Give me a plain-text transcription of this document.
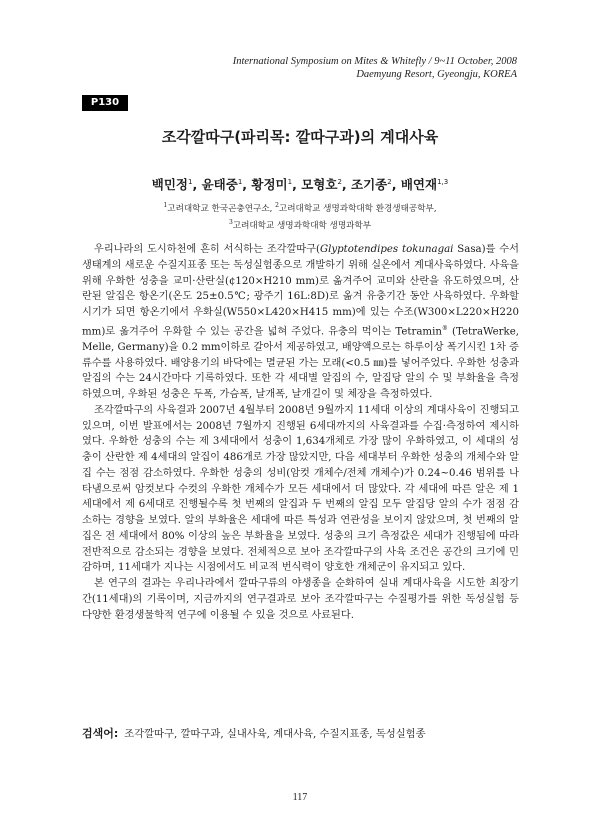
International Symposium on Mites & Whitefly / 9~11 October, 2008
Daemyung Resort, Gyeongju, KOREA
P130
조각깔따구(파리목: 깔따구과)의 계대사육
백민정$^1$, 윤태중$^1$, 황정미$^1$, 모형호$^2$, 조기종$^2$, 배연재$^{1,3}$
$^1$고려대학교 한국곤충연구소, $^2$고려대학교 생명과학대학 환경생태공학부,
$^3$고려대학교 생명과학대학 생명과학부

우리나라의 도시하천에 흔히 서식하는 조각깔따구(Glyptotendipes tokunagai Sasa)를 수서생태계의 새로운 수질지표종 또는 독성실험종으로 개발하기 위해 실온에서 계대사육하였다. 사육을 위해 우화한 성충을 교미·산란실(¢120×H210 mm)로 옮겨주어 교미와 산란을 유도하였으며, 산란된 알집은 항온기(온도 25±0.5℃; 광주기 16L:8D)로 옮겨 유충기간 동안 사육하였다. 우화할 시기가 되면 항온기에서 우화실(W550×L420×H415 mm)에 있는 수조(W300×L220×H220 mm)로 옮겨주어 우화할 수 있는 공간을 넓혀 주었다. 유충의 먹이는 Tetramin® (TetraWerke, Melle, Germany)을 0.2 mm이하로 갈아서 제공하였고, 배양액으로는 하루이상 폭기시킨 1차 증류수를 사용하였다. 배양용기의 바닥에는 멸균된 가는 모래(<0.5 ㎜)를 넣어주었다. 우화한 성충과 알집의 수는 24시간마다 기록하였다. 또한 각 세대별 알집의 수, 알집당 알의 수 및 부화율을 측정하였으며, 우화된 성충은 두폭, 가슴폭, 날개폭, 날개길이 및 체장을 측정하였다.

조각깔따구의 사육결과 2007년 4월부터 2008년 9월까지 11세대 이상의 계대사육이 진행되고 있으며, 이번 발표에서는 2008년 7월까지 진행된 6세대까지의 사육결과를 수집·측정하여 제시하였다. 우화한 성충의 수는 제 3세대에서 성충이 1,634개체로 가장 많이 우화하였고, 이 세대의 성충이 산란한 제 4세대의 알집이 486개로 가장 많았지만, 다음 세대부터 우화한 성충의 개체수와 알집 수는 점점 감소하였다. 우화한 성충의 성비(암컷 개체수/전체 개체수)가 0.24~0.46 범위를 나타냄으로써 암컷보다 수컷의 우화한 개체수가 모든 세대에서 더 많았다. 각 세대에 따른 알은 제 1세대에서 제 6세대로 진행될수록 첫 번째의 알집과 두 번째의 알집 모두 알집당 알의 수가 점점 감소하는 경향을 보였다. 알의 부화율은 세대에 따른 특성과 연관성을 보이지 않았으며, 첫 번째의 알집은 전 세대에서 80% 이상의 높은 부화율을 보였다. 성충의 크기 측정값은 세대가 진행됨에 따라 전반적으로 감소되는 경향을 보였다. 전체적으로 보아 조각깔따구의 사육 조건은 공간의 크기에 민감하며, 11세대가 지나는 시점에서도 비교적 번식력이 양호한 개체군이 유지되고 있다.

본 연구의 결과는 우리나라에서 깔따구류의 야생종을 순화하여 실내 계대사육을 시도한 최장기간(11세대)의 기록이며, 지금까지의 연구결과로 보아 조각깔따구는 수질평가를 위한 독성실험 등 다양한 환경생물학적 연구에 이용될 수 있을 것으로 사료된다.

검색어: 조각깔따구, 깔따구과, 실내사육, 계대사육, 수질지표종, 독성실험종
117
